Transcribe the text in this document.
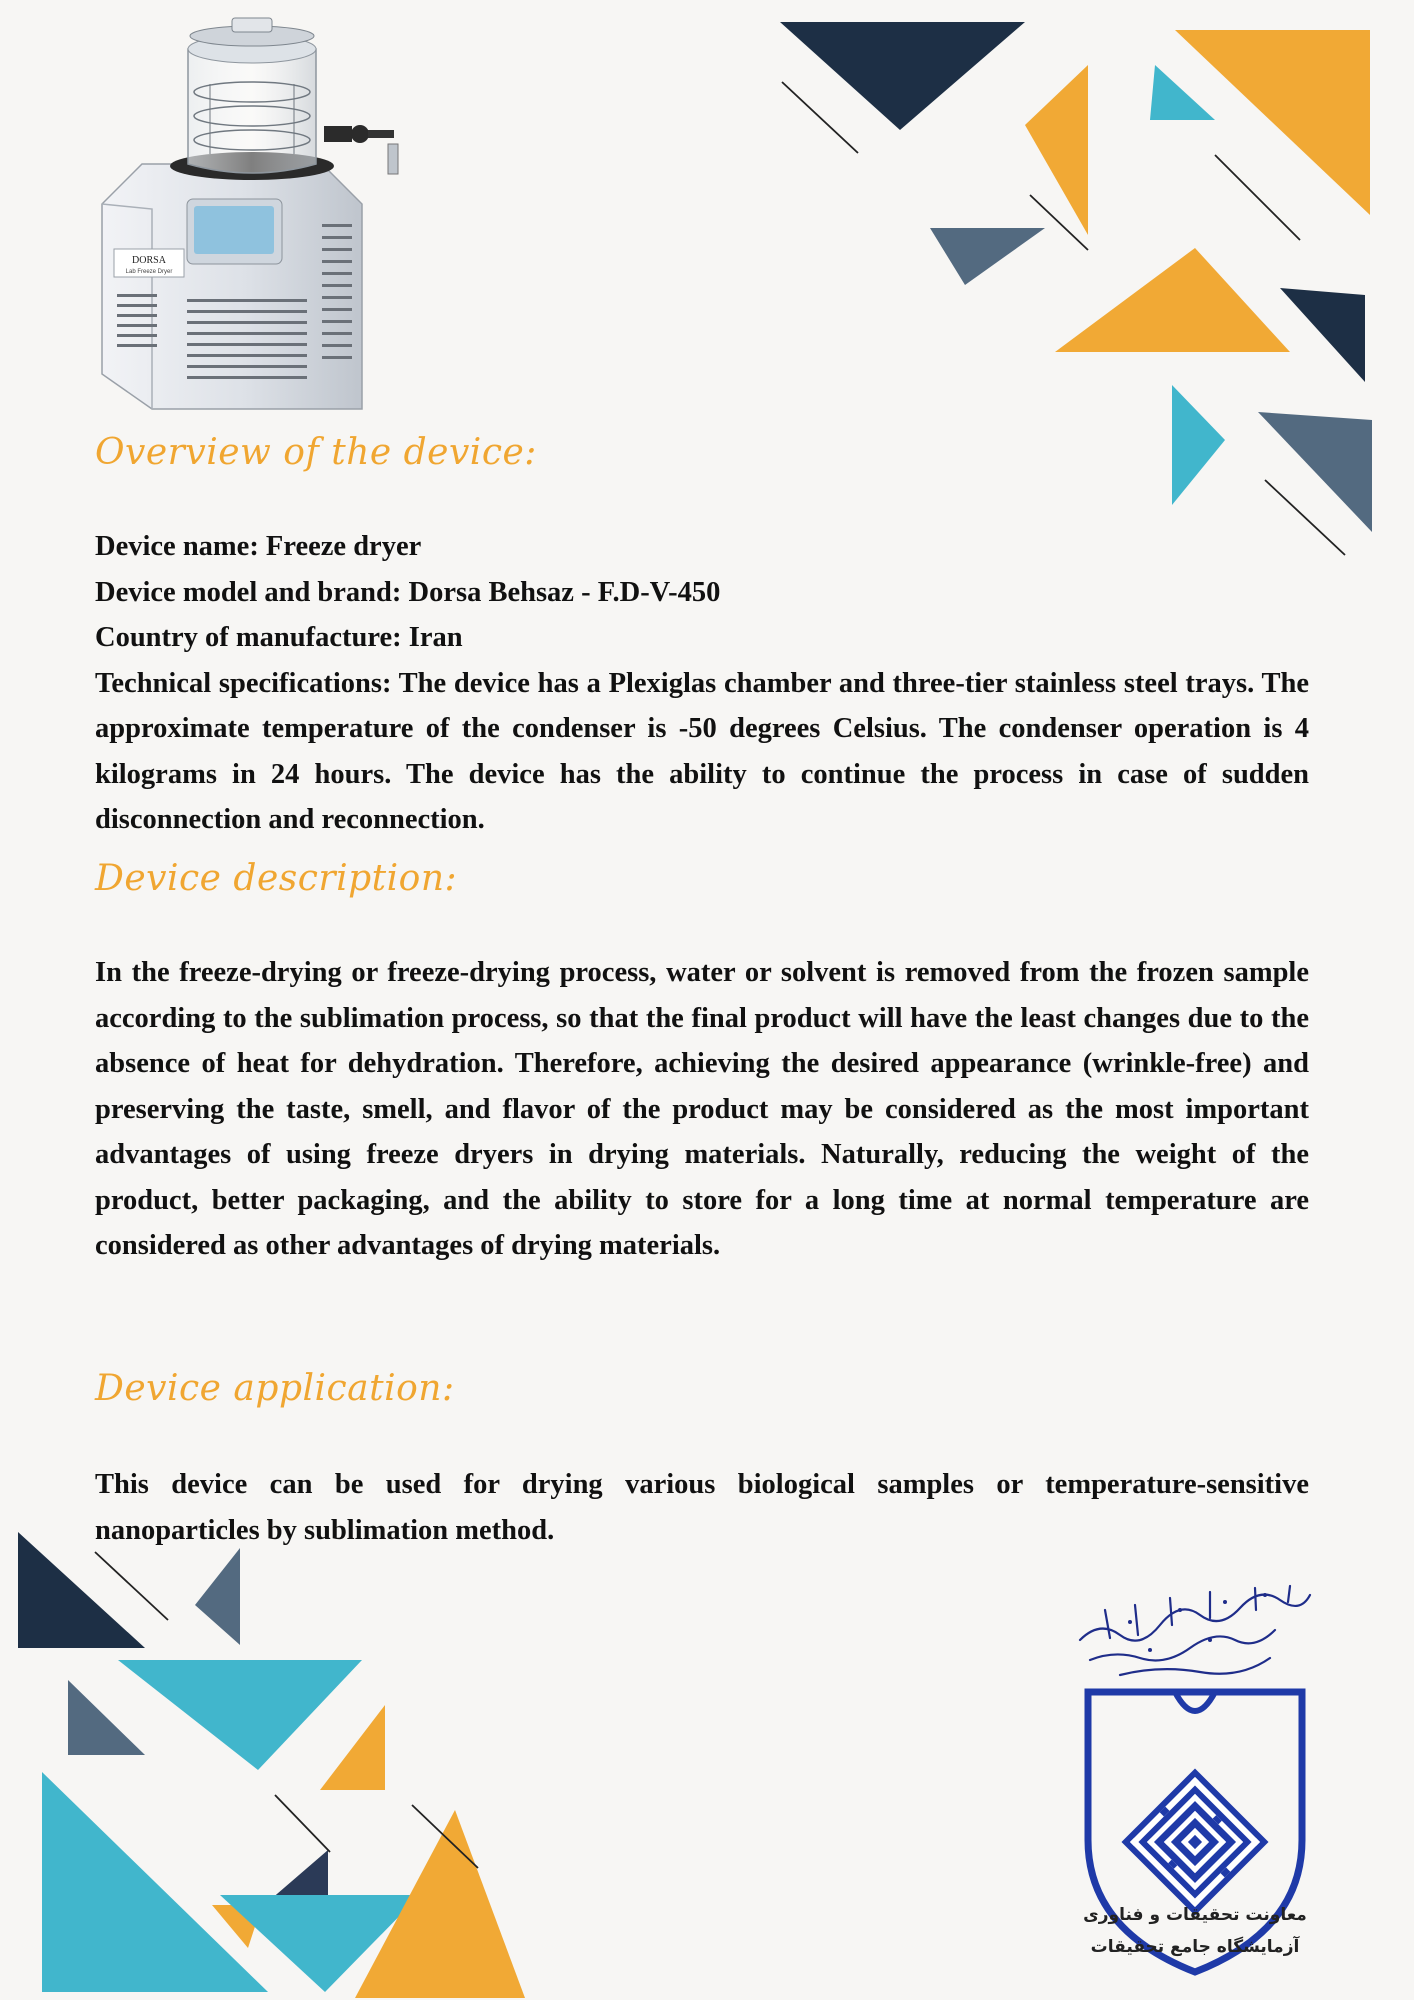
DORSA
Lab Freeze Dryer
Overview of the device:

Device name: Freeze dryer

Device model and brand: Dorsa Behsaz - F.D-V-450

Country of manufacture: Iran

Technical specifications: The device has a Plexiglas chamber and three-tier stainless steel trays. The approximate temperature of the condenser is -50 degrees Celsius. The condenser operation is 4 kilograms in 24 hours. The device has the ability to continue the process in case of sudden disconnection and reconnection.

Device description:

In the freeze-drying or freeze-drying process, water or solvent is removed from the frozen sample according to the sublimation process, so that the final product will have the least changes due to the absence of heat for dehydration. Therefore, achieving the desired appearance (wrinkle-free) and preserving the taste, smell, and flavor of the product may be considered as the most important advantages of using freeze dryers in drying materials. Naturally, reducing the weight of the product, better packaging, and the ability to store for a long time at normal temperature are considered as other advantages of drying materials.

Device application:

This device can be used for drying various biological samples or temperature-sensitive nanoparticles by sublimation method.

معاونت تحقیقات و فناوری
آزمایشگاه جامع تحقیقات
